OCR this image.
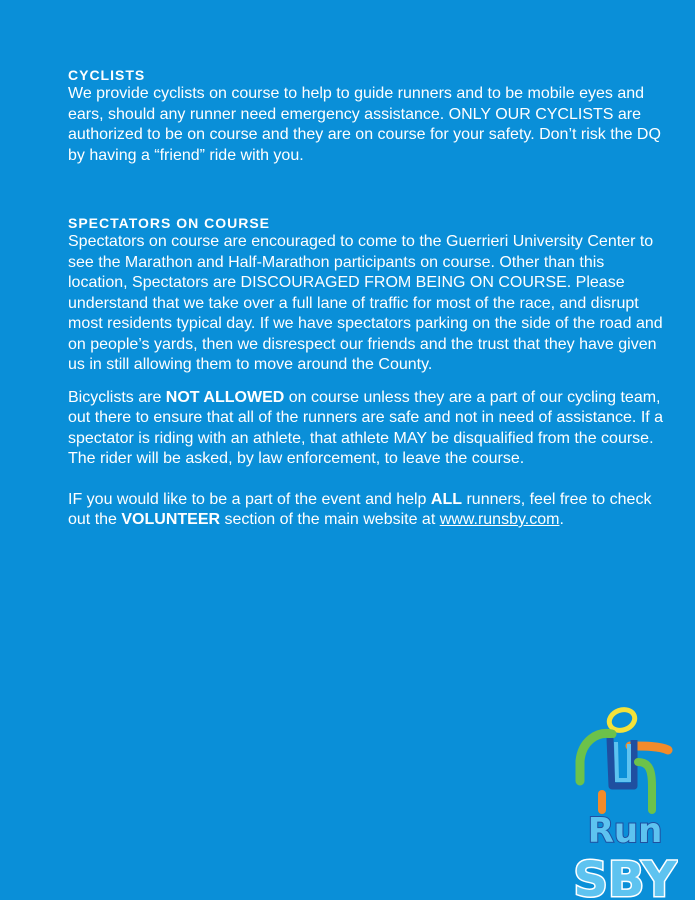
CYCLISTS

We provide cyclists on course to help to guide runners and to be mobile eyes and ears, should any runner need emergency assistance. ONLY OUR CYCLISTS are authorized to be on course and they are on course for your safety. Don’t risk the DQ by having a “friend” ride with you.

SPECTATORS ON COURSE

Spectators on course are encouraged to come to the Guerrieri University Center to see the Marathon and Half-Marathon participants on course. Other than this location, Spectators are DISCOURAGED FROM BEING ON COURSE. Please understand that we take over a full lane of traffic for most of the race, and disrupt most residents typical day. If we have spectators parking on the side of the road and on people’s yards, then we disrespect our friends and the trust that they have given us in still allowing them to move around the County.

Bicyclists are NOT ALLOWED on course unless they are a part of our cycling team, out there to ensure that all of the runners are safe and not in need of assistance. If a spectator is riding with an athlete, that athlete MAY be disqualified from the course. The rider will be asked, by law enforcement, to leave the course.

IF you would like to be a part of the event and help ALL runners, feel free to check out the VOLUNTEER section of the main website at www.runsby.com.

Run
SBY
